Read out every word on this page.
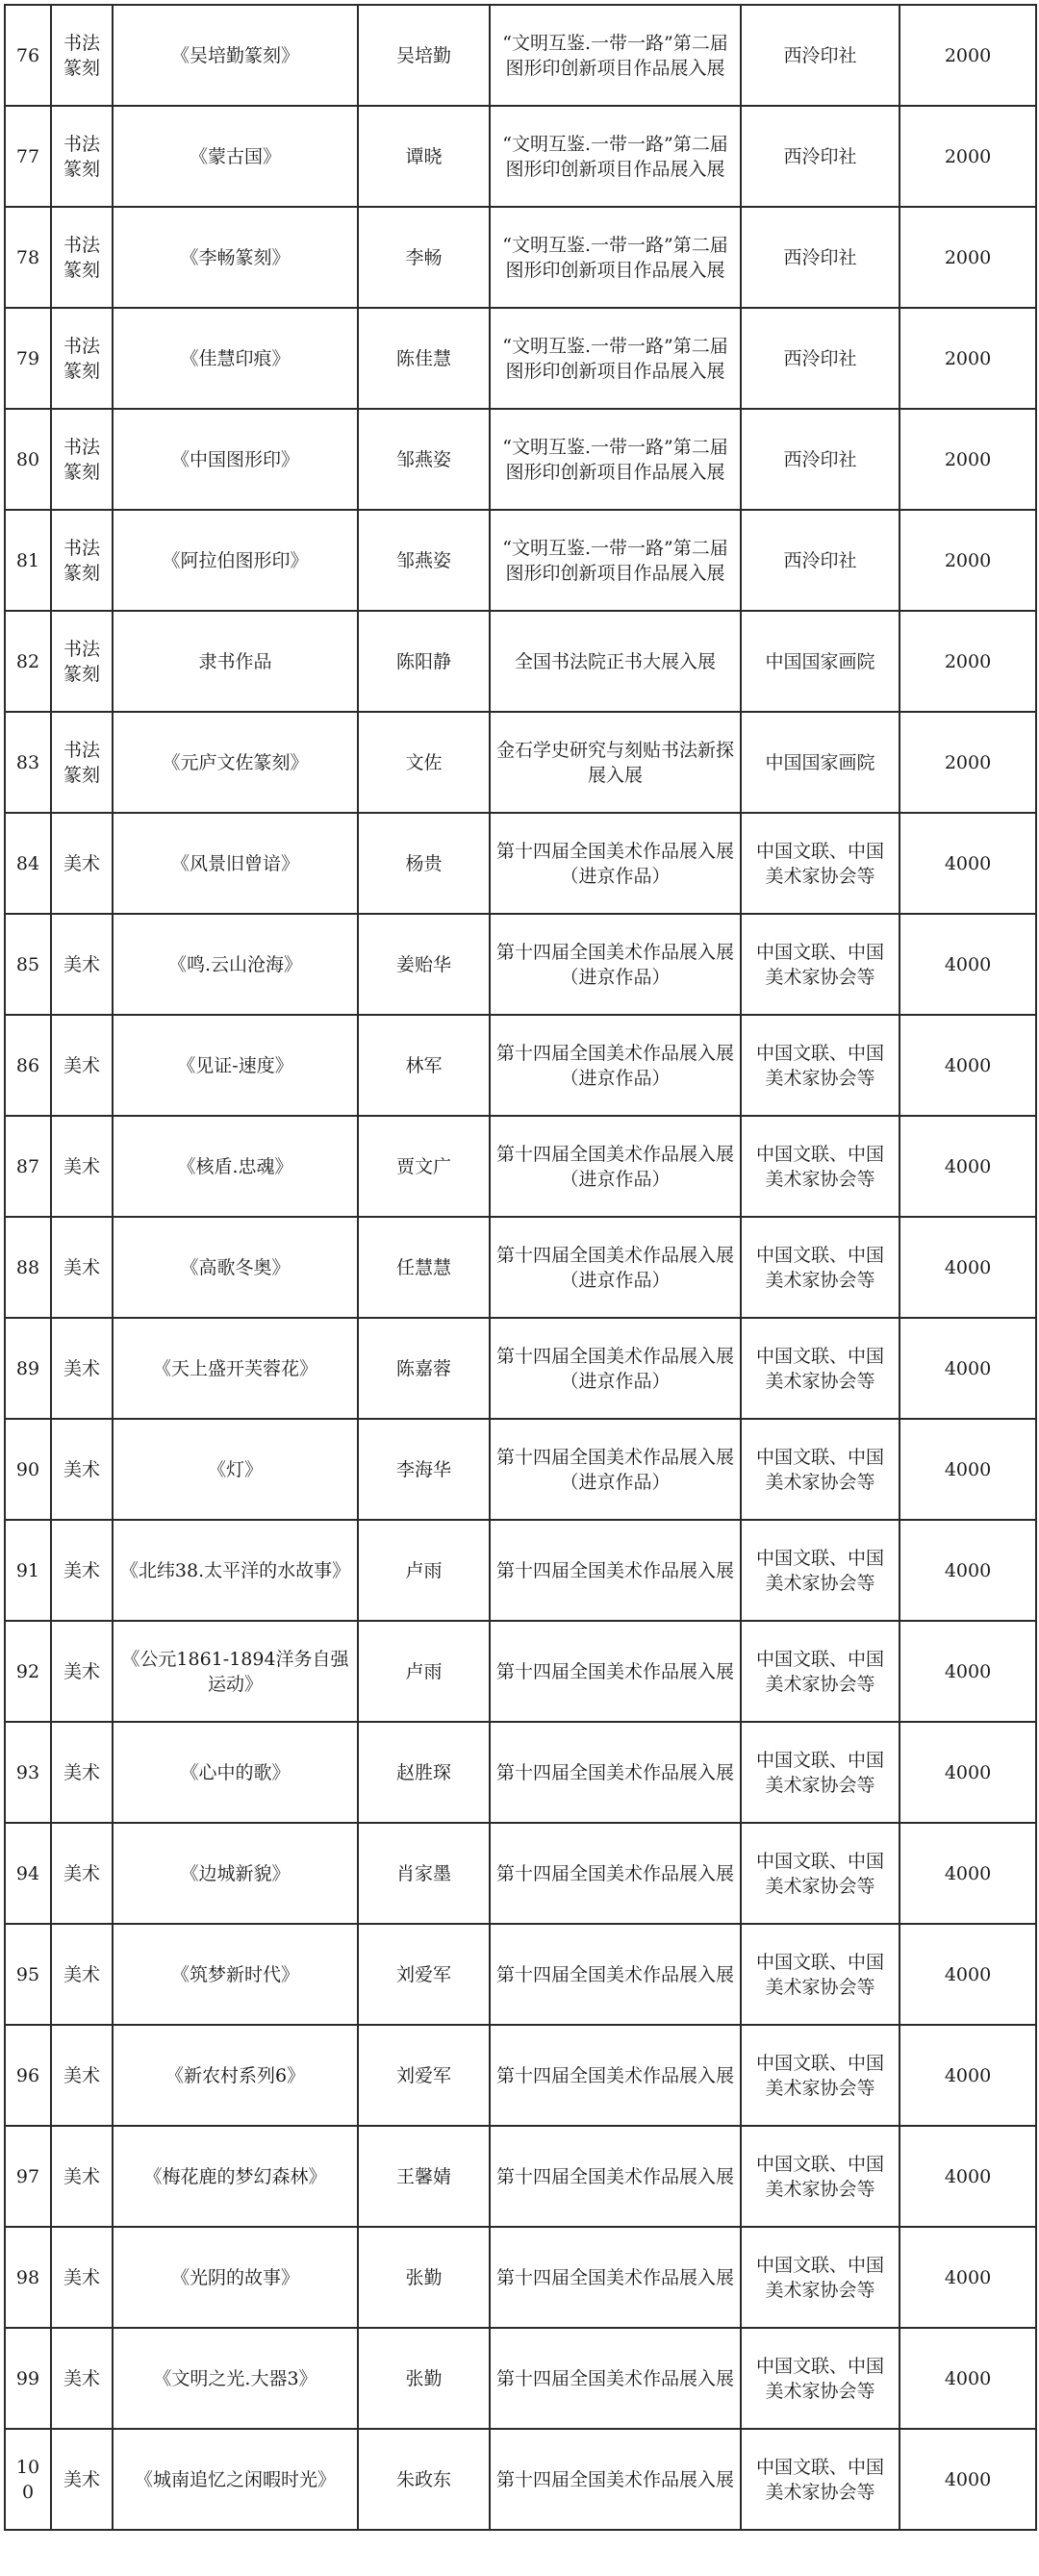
76	书法篆刻	《吴培勤篆刻》	吴培勤	“文明互鉴.一带一路”第二届图形印创新项目作品展入展	西泠印社	2000
77	书法篆刻	《蒙古国》	谭晓	“文明互鉴.一带一路”第二届图形印创新项目作品展入展	西泠印社	2000
78	书法篆刻	《李畅篆刻》	李畅	“文明互鉴.一带一路”第二届图形印创新项目作品展入展	西泠印社	2000
79	书法篆刻	《佳慧印痕》	陈佳慧	“文明互鉴.一带一路”第二届图形印创新项目作品展入展	西泠印社	2000
80	书法篆刻	《中国图形印》	邹燕姿	“文明互鉴.一带一路”第二届图形印创新项目作品展入展	西泠印社	2000
81	书法篆刻	《阿拉伯图形印》	邹燕姿	“文明互鉴.一带一路”第二届图形印创新项目作品展入展	西泠印社	2000
82	书法篆刻	隶书作品	陈阳静	全国书法院正书大展入展	中国国家画院	2000
83	书法篆刻	《元庐文佐篆刻》	文佐	金石学史研究与刻贴书法新探展入展	中国国家画院	2000
84	美术	《风景旧曾谙》	杨贵	第十四届全国美术作品展入展（进京作品）	中国文联、中国美术家协会等	4000
85	美术	《鸣.云山沧海》	姜贻华	第十四届全国美术作品展入展（进京作品）	中国文联、中国美术家协会等	4000
86	美术	《见证-速度》	林军	第十四届全国美术作品展入展（进京作品）	中国文联、中国美术家协会等	4000
87	美术	《核盾.忠魂》	贾文广	第十四届全国美术作品展入展（进京作品）	中国文联、中国美术家协会等	4000
88	美术	《高歌冬奥》	任慧慧	第十四届全国美术作品展入展（进京作品）	中国文联、中国美术家协会等	4000
89	美术	《天上盛开芙蓉花》	陈嘉蓉	第十四届全国美术作品展入展（进京作品）	中国文联、中国美术家协会等	4000
90	美术	《灯》	李海华	第十四届全国美术作品展入展（进京作品）	中国文联、中国美术家协会等	4000
91	美术	《北纬38.太平洋的水故事》	卢雨	第十四届全国美术作品展入展	中国文联、中国美术家协会等	4000
92	美术	《公元1861-1894洋务自强运动》	卢雨	第十四届全国美术作品展入展	中国文联、中国美术家协会等	4000
93	美术	《心中的歌》	赵胜琛	第十四届全国美术作品展入展	中国文联、中国美术家协会等	4000
94	美术	《边城新貌》	肖家墨	第十四届全国美术作品展入展	中国文联、中国美术家协会等	4000
95	美术	《筑梦新时代》	刘爱军	第十四届全国美术作品展入展	中国文联、中国美术家协会等	4000
96	美术	《新农村系列6》	刘爱军	第十四届全国美术作品展入展	中国文联、中国美术家协会等	4000
97	美术	《梅花鹿的梦幻森林》	王馨婧	第十四届全国美术作品展入展	中国文联、中国美术家协会等	4000
98	美术	《光阴的故事》	张勤	第十四届全国美术作品展入展	中国文联、中国美术家协会等	4000
99	美术	《文明之光.大器3》	张勤	第十四届全国美术作品展入展	中国文联、中国美术家协会等	4000
100	美术	《城南追忆之闲暇时光》	朱政东	第十四届全国美术作品展入展	中国文联、中国美术家协会等	4000
